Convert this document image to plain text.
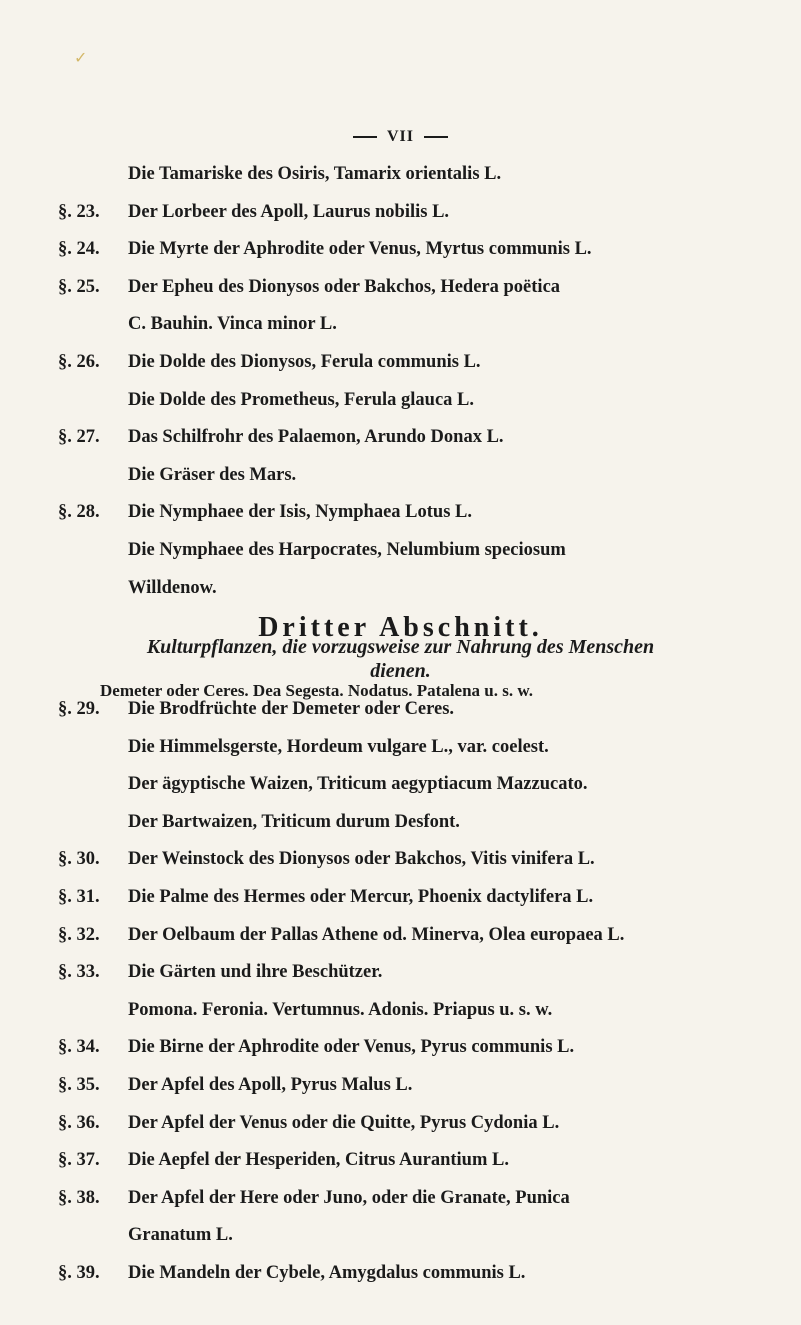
✓
VII
Die Tamariske des Osiris, Tamarix orientalis L.
§. 23.	Der Lorbeer des Apoll, Laurus nobilis L.
§. 24.	Die Myrte der Aphrodite oder Venus, Myrtus communis L.
§. 25.	Der Epheu des Dionysos oder Bakchos, Hedera poëtica
C. Bauhin. Vinca minor L.
§. 26.	Die Dolde des Dionysos, Ferula communis L.
Die Dolde des Prometheus, Ferula glauca L.
§. 27.	Das Schilfrohr des Palaemon, Arundo Donax L.
Die Gräser des Mars.
§. 28.	Die Nymphaee der Isis, Nymphaea Lotus L.
Die Nymphaee des Harpocrates, Nelumbium speciosum
Willdenow.
Dritter Abschnitt.
Kulturpflanzen, die vorzugsweise zur Nahrung des Menschen
dienen.
Demeter oder Ceres. Dea Segesta. Nodatus. Patalena u. s. w.
§. 29.	Die Brodfrüchte der Demeter oder Ceres.
Die Himmelsgerste, Hordeum vulgare L., var. coelest.
Der ägyptische Waizen, Triticum aegyptiacum Mazzucato.
Der Bartwaizen, Triticum durum Desfont.
§. 30.	Der Weinstock des Dionysos oder Bakchos, Vitis vinifera L.
§. 31.	Die Palme des Hermes oder Mercur, Phoenix dactylifera L.
§. 32.	Der Oelbaum der Pallas Athene od. Minerva, Olea europaea L.
§. 33.	Die Gärten und ihre Beschützer.
Pomona. Feronia. Vertumnus. Adonis. Priapus u. s. w.
§. 34.	Die Birne der Aphrodite oder Venus, Pyrus communis L.
§. 35.	Der Apfel des Apoll, Pyrus Malus L.
§. 36.	Der Apfel der Venus oder die Quitte, Pyrus Cydonia L.
§. 37.	Die Aepfel der Hesperiden, Citrus Aurantium L.
§. 38.	Der Apfel der Here oder Juno, oder die Granate, Punica
Granatum L.
§. 39.	Die Mandeln der Cybele, Amygdalus communis L.
